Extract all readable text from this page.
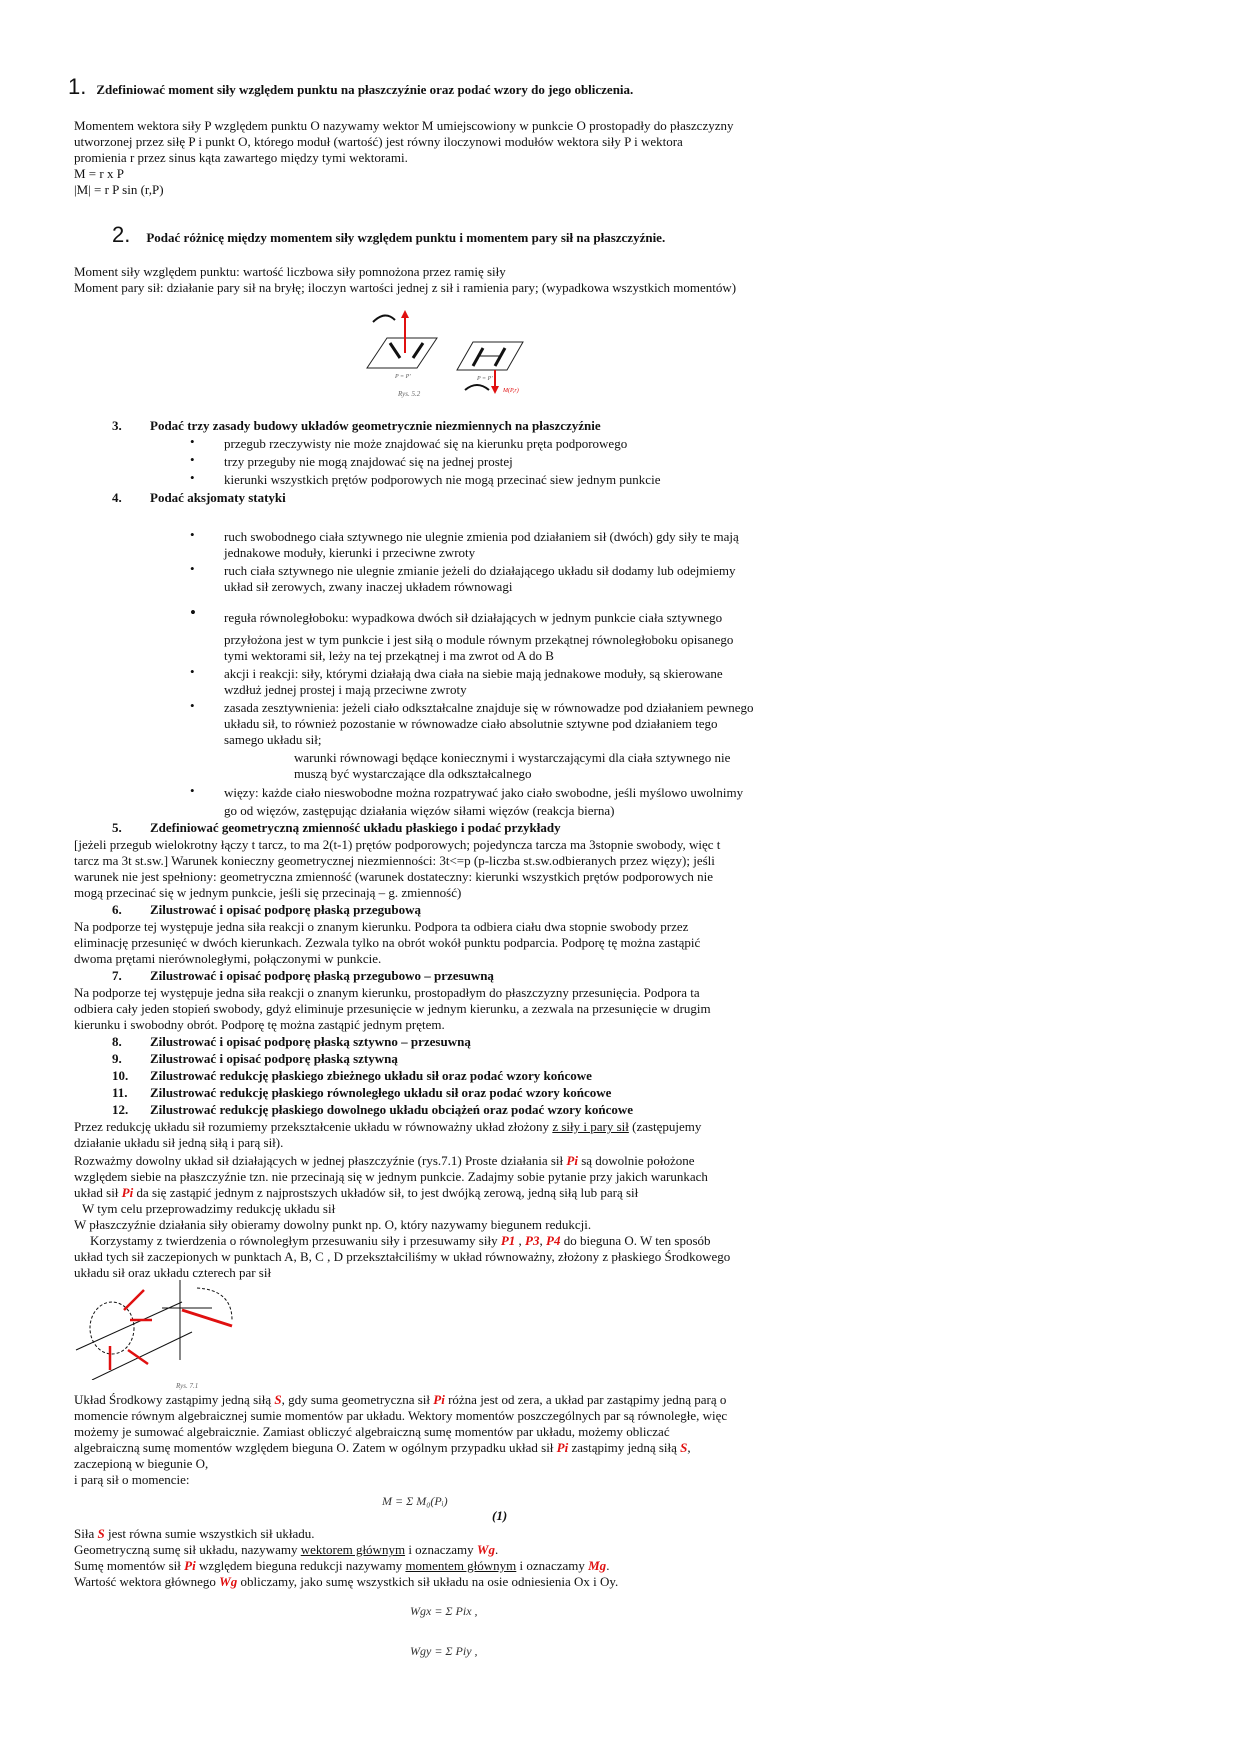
1. Zdefiniować moment siły względem punktu na płaszczyźnie oraz podać wzory do jego obliczenia.
Momentem wektora siły P względem punktu O nazywamy wektor M umiejscowiony w punkcie O prostopadły do płaszczyzny
utworzonej przez siłę P i punkt O, którego moduł (wartość) jest równy iloczynowi modułów wektora siły P i wektora
promienia r przez sinus kąta zawartego między tymi wektorami.
M = r x P
|M| = r P sin (r,P)
2. Podać różnicę między momentem siły względem punktu i momentem pary sił na płaszczyźnie.
Moment siły względem punktu: wartość liczbowa siły pomnożona przez ramię siły
Moment pary sił: działanie pary sił na bryłę; iloczyn wartości jednej z sił i ramienia pary; (wypadkowa wszystkich momentów)
P = P'	P = P'
M(P,r)
Rys. 5.2
3. Podać trzy zasady budowy układów geometrycznie niezmiennych na płaszczyźnie
• przegub rzeczywisty nie może znajdować się na kierunku pręta podporowego
• trzy przeguby nie mogą znajdować się na jednej prostej
• kierunki wszystkich prętów podporowych nie mogą przecinać siew jednym punkcie
4. Podać aksjomaty statyki
• ruch swobodnego ciała sztywnego nie ulegnie zmienia pod działaniem sił (dwóch) gdy siły te mają
jednakowe moduły, kierunki i przeciwne zwroty
• ruch ciała sztywnego nie ulegnie zmianie jeżeli do działającego układu sił dodamy lub odejmiemy
układ sił zerowych, zwany inaczej układem równowagi
• reguła równoległoboku: wypadkowa dwóch sił działających w jednym punkcie ciała sztywnego
przyłożona jest w tym punkcie i jest siłą o module równym przekątnej równoległoboku opisanego
tymi wektorami sił, leży na tej przekątnej i ma zwrot od A do B
• akcji i reakcji: siły, którymi działają dwa ciała na siebie mają jednakowe moduły, są skierowane
wzdłuż jednej prostej i mają przeciwne zwroty
• zasada zesztywnienia: jeżeli ciało odkształcalne znajduje się w równowadze pod działaniem pewnego
układu sił, to również pozostanie w równowadze ciało absolutnie sztywne pod działaniem tego
samego układu sił;
warunki równowagi będące koniecznymi i wystarczającymi dla ciała sztywnego nie
muszą być wystarczające dla odkształcalnego
• więzy: każde ciało nieswobodne można rozpatrywać jako ciało swobodne, jeśli myślowo uwolnimy
go od więzów, zastępując działania więzów siłami więzów (reakcja bierna)
5. Zdefiniować geometryczną zmienność układu płaskiego i podać przykłady
[jeżeli przegub wielokrotny łączy t tarcz, to ma 2(t-1) prętów podporowych; pojedyncza tarcza ma 3stopnie swobody, więc t
tarcz ma 3t st.sw.] Warunek konieczny geometrycznej niezmienności: 3t<=p (p-liczba st.sw.odbieranych przez więzy); jeśli
warunek nie jest spełniony: geometryczna zmienność (warunek dostateczny: kierunki wszystkich prętów podporowych nie
mogą przecinać się w jednym punkcie, jeśli się przecinają – g. zmienność)
6. Zilustrować i opisać podporę płaską przegubową
Na podporze tej występuje jedna siła reakcji o znanym kierunku. Podpora ta odbiera ciału dwa stopnie swobody przez
eliminację przesunięć w dwóch kierunkach. Zezwala tylko na obrót wokół punktu podparcia. Podporę tę można zastąpić
dwoma prętami nierównoległymi, połączonymi w punkcie.
7. Zilustrować i opisać podporę płaską przegubowo – przesuwną
Na podporze tej występuje jedna siła reakcji o znanym kierunku, prostopadłym do płaszczyzny przesunięcia. Podpora ta
odbiera cały jeden stopień swobody, gdyż eliminuje przesunięcie w jednym kierunku, a zezwala na przesunięcie w drugim
kierunku i swobodny obrót. Podporę tę można zastąpić jednym prętem.
8. Zilustrować i opisać podporę płaską sztywno – przesuwną
9. Zilustrować i opisać podporę płaską sztywną
10. Zilustrować redukcję płaskiego zbieżnego układu sił oraz podać wzory końcowe
11. Zilustrować redukcję płaskiego równoległego układu sił oraz podać wzory końcowe
12. Zilustrować redukcję płaskiego dowolnego układu obciążeń oraz podać wzory końcowe
Przez redukcję układu sił rozumiemy przekształcenie układu w równoważny układ złożony z siły i pary sił (zastępujemy
działanie układu sił jedną siłą i parą sił).
Rozważmy dowolny układ sił działających w jednej płaszczyźnie (rys.7.1) Proste działania sił Pi są dowolnie położone
względem siebie na płaszczyźnie tzn. nie przecinają się w jednym punkcie. Zadajmy sobie pytanie przy jakich warunkach
układ sił Pi da się zastąpić jednym z najprostszych układów sił, to jest dwójką zerową, jedną siłą lub parą sił
W tym celu przeprowadzimy redukcję układu sił
W płaszczyźnie działania siły obieramy dowolny punkt np. O, który nazywamy biegunem redukcji.
Korzystamy z twierdzenia o równoległym przesuwaniu siły i przesuwamy siły P1 , P3, P4 do bieguna O. W ten sposób
układ tych sił zaczepionych w punktach A, B, C , D przekształciliśmy w układ równoważny, złożony z płaskiego Środkowego
układu sił oraz układu czterech par sił
Rys. 7.1
Układ Środkowy zastąpimy jedną siłą S, gdy suma geometryczna sił Pi różna jest od zera, a układ par zastąpimy jedną parą o
momencie równym algebraicznej sumie momentów par układu. Wektory momentów poszczególnych par są równoległe, więc
możemy je sumować algebraicznie. Zamiast obliczyć algebraiczną sumę momentów par układu, możemy obliczać
algebraiczną sumę momentów względem bieguna O. Zatem w ogólnym przypadku układ sił Pi zastąpimy jedną siłą S,
zaczepioną w biegunie O,
i parą sił o momencie:
M = Σ M₀(Pᵢ)
(1)
Siła S jest równa sumie wszystkich sił układu.
Geometryczną sumę sił układu, nazywamy wektorem głównym i oznaczamy Wg.
Sumę momentów sił Pi względem bieguna redukcji nazywamy momentem głównym i oznaczamy Mg.
Wartość wektora głównego Wg obliczamy, jako sumę wszystkich sił układu na osie odniesienia Ox i Oy.
Wgx = Σ Pix ,
Wgy = Σ Piy ,
